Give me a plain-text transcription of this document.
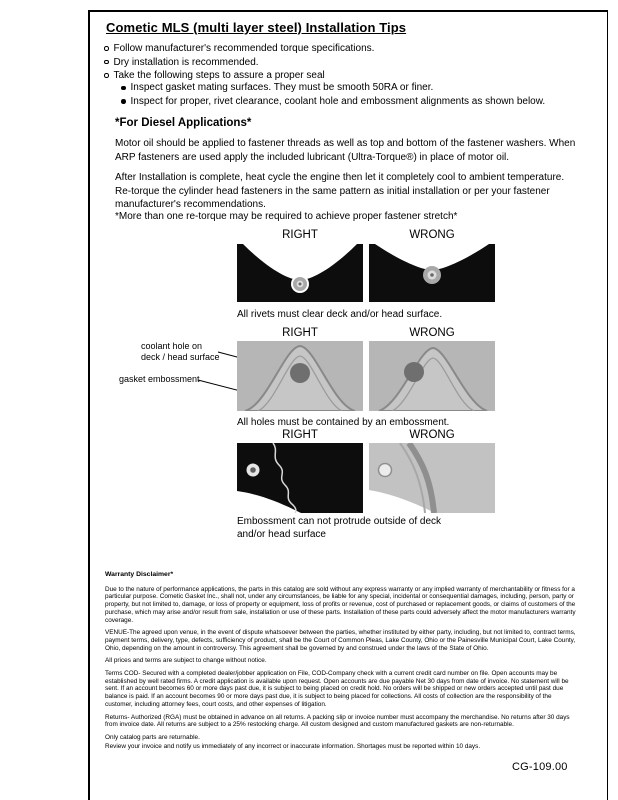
Cometic MLS (multi layer steel) Installation Tips
Follow manufacturer's recommended torque specifications.
Dry installation is recommended.
Take the following steps to assure a proper seal
Inspect gasket mating surfaces. They must be smooth 50RA or finer.
Inspect for proper, rivet clearance, coolant hole and embossment alignments as shown below.
*For Diesel Applications*
Motor oil should be applied to fastener threads as well as top and bottom of the fastener washers. When ARP fasteners are used apply the included lubricant (Ultra-Torque®) in place of motor oil.
After Installation is complete, heat cycle the engine then let it completely cool to ambient temperature. Re-torque the cylinder head fasteners in the same pattern as initial installation or per your fastener manufacturer's recommendations.
*More than one re-torque may be required to achieve proper fastener stretch*
RIGHT	WRONG
All rivets must clear deck and/or head surface.
RIGHT	WRONG
coolant hole on
deck / head surface
gasket embossment
All holes must be contained by an embossment.
RIGHT	WRONG
Embossment can not protrude outside of deck
and/or head surface
Warranty Disclaimer*

Due to the nature of performance applications, the parts in this catalog are sold without any express warranty or any implied warranty of merchantability or fitness for a particular purpose. Cometic Gasket Inc., shall not, under any circumstances, be liable for any special, incidental or consequential damages, including, person, party or property, but not limited to, damage, or loss of property or equipment, loss of profits or revenue, cost of purchased or replacement goods, or claims of customers of the purchase, which may arise and/or result from sale, installation or use of these parts. Installation of these parts could adversely affect the motor manufacturers warranty coverage.

VENUE-The agreed upon venue, in the event of dispute whatsoever between the parties, whether instituted by either party, including, but not limited to, contract terms, payment terms, delivery, type, defects, sufficiency of product, shall be the Court of Common Pleas, Lake County, Ohio or the Painesville Municipal Court, Lake County, Ohio, depending on the amount in controversy. This agreement shall be governed by and construed under the laws of the State of Ohio.

All prices and terms are subject to change without notice.

Terms COD- Secured with a completed dealer/jobber application on File, COD-Company check with a current credit card number on file. Open accounts may be established by well rated firms. A credit application is available upon request. Open accounts are due payable Net 30 days from date of invoice. No statement will be sent. If an account becomes 60 or more days past due, it is subject to being placed on credit hold. No orders will be shipped or new orders accepted until past due balance is paid. If an account becomes 90 or more days past due, it is subject to being placed for collections. All costs of collection are the responsibility of the customer, including attorney fees, court costs, and other expenses of litigation.

Returns- Authorized (RGA) must be obtained in advance on all returns. A packing slip or invoice number must accompany the merchandise. No returns after 30 days from invoice date. All returns are subject to a 25% restocking charge. All custom designed and custom manufactured gaskets are non-returnable.

Only catalog parts are returnable.

Review your invoice and notify us immediately of any incorrect or inaccurate information. Shortages must be reported within 10 days.

CG-109.00
